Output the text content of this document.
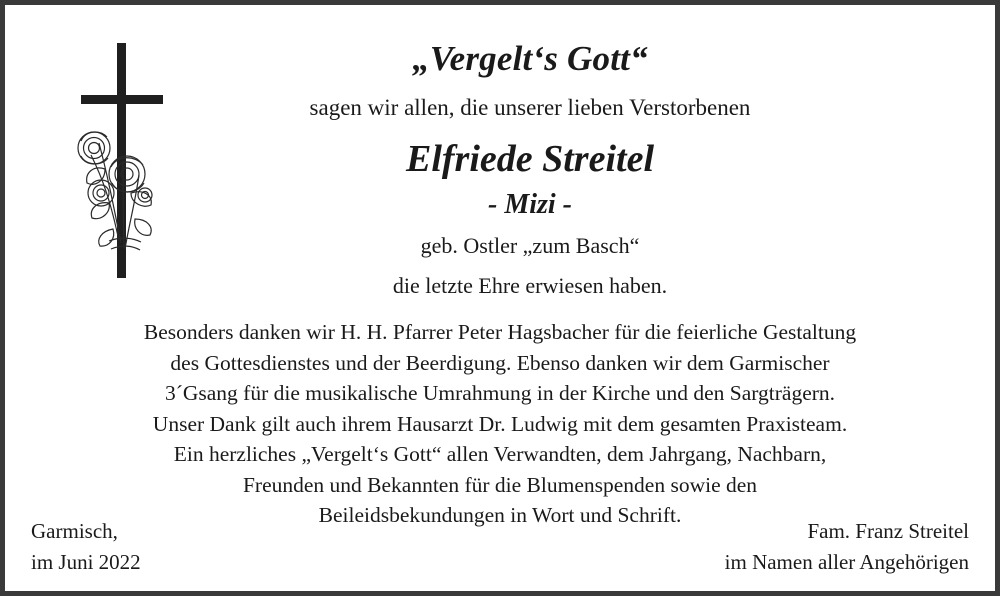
„Vergelt‘s Gott“
sagen wir allen, die unserer lieben Verstorbenen
Elfriede Streitel
- Mizi -
geb. Ostler „zum Basch“
die letzte Ehre erwiesen haben.

Besonders danken wir H. H. Pfarrer Peter Hagsbacher für die feierliche Gestaltung

des Gottesdienstes und der Beerdigung. Ebenso danken wir dem Garmischer

3´Gsang für die musikalische Umrahmung in der Kirche und den Sargträgern.

Unser Dank gilt auch ihrem Hausarzt Dr. Ludwig mit dem gesamten Praxisteam.

Ein herzliches „Vergelt‘s Gott“ allen Verwandten, dem Jahrgang, Nachbarn,

Freunden und Bekannten für die Blumenspenden sowie den

Beileidsbekundungen in Wort und Schrift.

Garmisch,
im Juni 2022
Fam. Franz Streitel
im Namen aller Angehörigen
